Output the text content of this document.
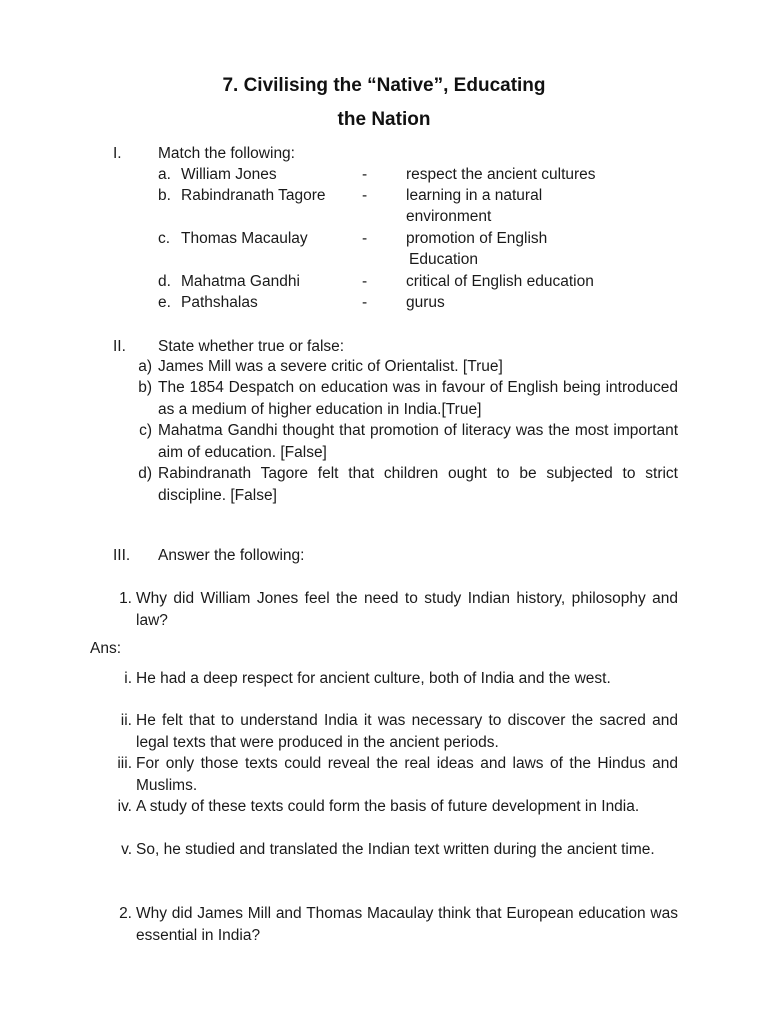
7. Civilising the “Native”, Educating
the Nation
I. Match the following:
a. William Jones	-	respect the ancient cultures
b. Rabindranath Tagore -	learning in a natural
environment
c. Thomas Macaulay	-	promotion of English
Education
d. Mahatma Gandhi	-	critical of English education
e. Pathshalas	-	gurus
II. State whether true or false:
a) James Mill was a severe critic of Orientalist. [True]
b) The 1854 Despatch on education was in favour of English being introduced as a medium of higher education in India.[True]
c) Mahatma Gandhi thought that promotion of literacy was the most important aim of education. [False]
d) Rabindranath Tagore felt that children ought to be subjected to strict discipline. [False]
III. Answer the following:
1. Why did William Jones feel the need to study Indian history, philosophy and law?
Ans:
i. He had a deep respect for ancient culture, both of India and the west.
ii. He felt that to understand India it was necessary to discover the sacred and legal texts that were produced in the ancient periods.
iii. For only those texts could reveal the real ideas and laws of the Hindus and Muslims.
iv. A study of these texts could form the basis of future development in India.
v. So, he studied and translated the Indian text written during the ancient time.
2. Why did James Mill and Thomas Macaulay think that European education was essential in India?
